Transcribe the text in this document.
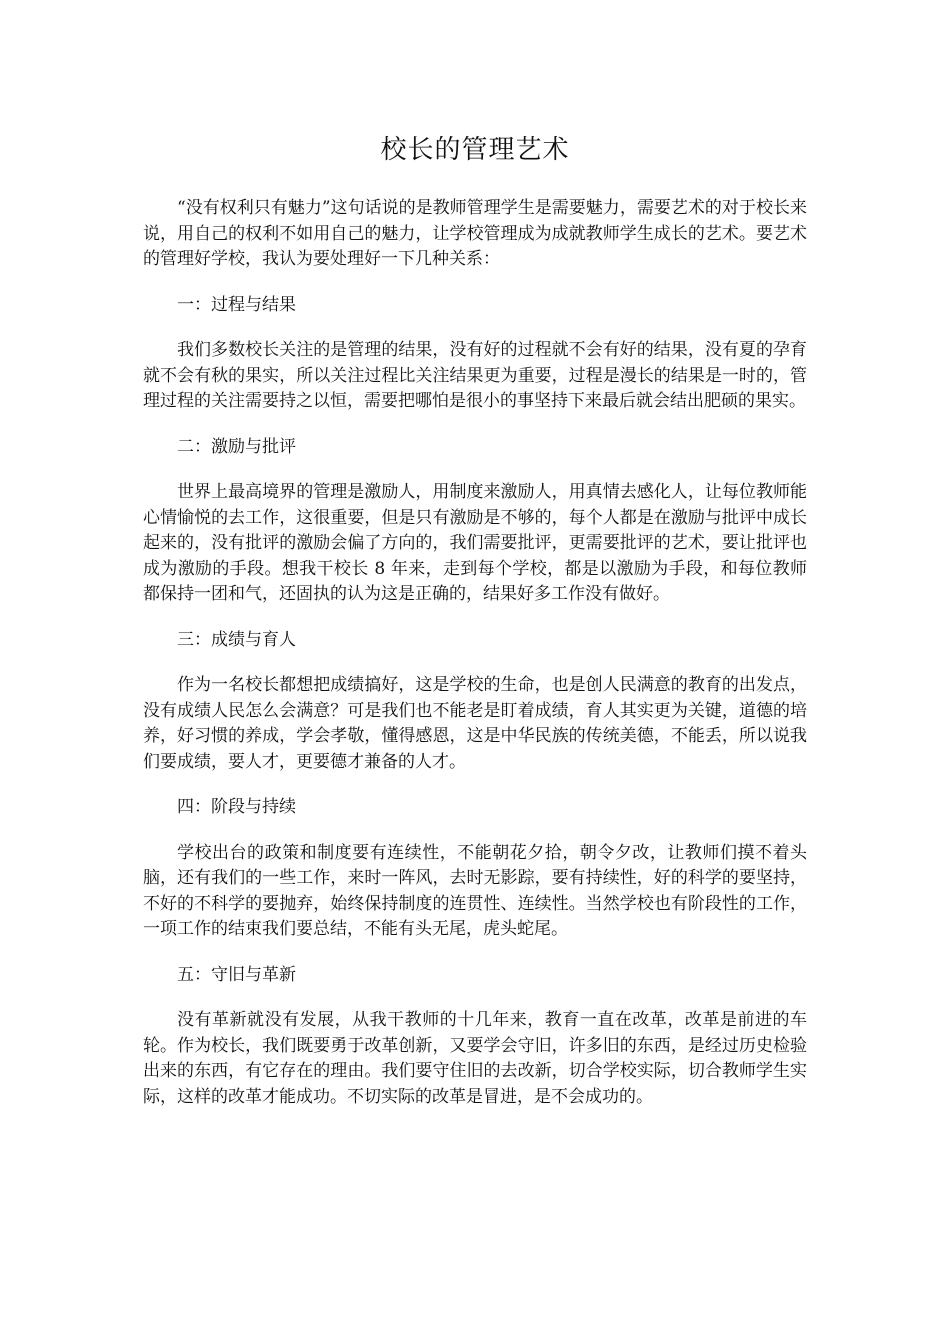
校长的管理艺术

“没有权利只有魅力”这句话说的是教师管理学生是需要魅力，需要艺术的对于校长来说，用自己的权利不如用自己的魅力，让学校管理成为成就教师学生成长的艺术。要艺术的管理好学校，我认为要处理好一下几种关系：

一：过程与结果

我们多数校长关注的是管理的结果，没有好的过程就不会有好的结果，没有夏的孕育就不会有秋的果实，所以关注过程比关注结果更为重要，过程是漫长的结果是一时的，管理过程的关注需要持之以恒，需要把哪怕是很小的事坚持下来最后就会结出肥硕的果实。

二：激励与批评

世界上最高境界的管理是激励人，用制度来激励人，用真情去感化人，让每位教师能心情愉悦的去工作，这很重要，但是只有激励是不够的，每个人都是在激励与批评中成长起来的，没有批评的激励会偏了方向的，我们需要批评，更需要批评的艺术，要让批评也成为激励的手段。想我干校长 8 年来，走到每个学校，都是以激励为手段，和每位教师都保持一团和气，还固执的认为这是正确的，结果好多工作没有做好。

三：成绩与育人

作为一名校长都想把成绩搞好，这是学校的生命，也是创人民满意的教育的出发点，没有成绩人民怎么会满意？可是我们也不能老是盯着成绩，育人其实更为关键，道德的培养，好习惯的养成，学会孝敬，懂得感恩，这是中华民族的传统美德，不能丢，所以说我们要成绩，要人才，更要德才兼备的人才。

四：阶段与持续

学校出台的政策和制度要有连续性，不能朝花夕拾，朝令夕改，让教师们摸不着头脑，还有我们的一些工作，来时一阵风，去时无影踪，要有持续性，好的科学的要坚持，不好的不科学的要抛弃，始终保持制度的连贯性、连续性。当然学校也有阶段性的工作，一项工作的结束我们要总结，不能有头无尾，虎头蛇尾。

五：守旧与革新

没有革新就没有发展，从我干教师的十几年来，教育一直在改革，改革是前进的车轮。作为校长，我们既要勇于改革创新，又要学会守旧，许多旧的东西，是经过历史检验出来的东西，有它存在的理由。我们要守住旧的去改新，切合学校实际，切合教师学生实际，这样的改革才能成功。不切实际的改革是冒进，是不会成功的。
